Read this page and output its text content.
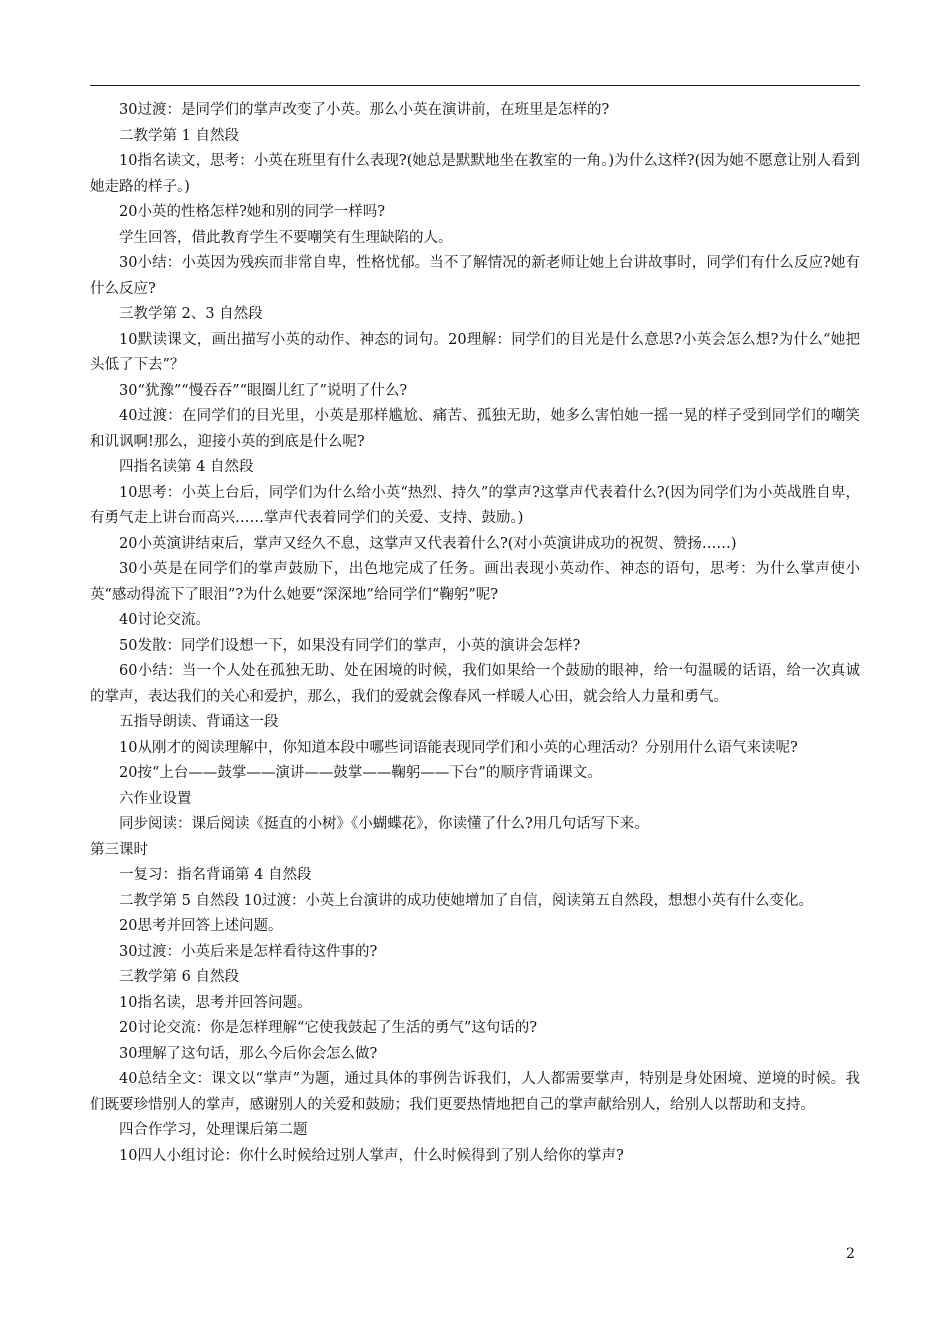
30过渡：是同学们的掌声改变了小英。那么小英在演讲前，在班里是怎样的?

二教学第 1 自然段

10指名读文，思考：小英在班里有什么表现?(她总是默默地坐在教室的一角。)为什么这样?(因为她不愿意让别人看到她走路的样子。)

20小英的性格怎样?她和别的同学一样吗?

学生回答，借此教育学生不要嘲笑有生理缺陷的人。

30小结：小英因为残疾而非常自卑，性格忧郁。当不了解情况的新老师让她上台讲故事时，同学们有什么反应?她有什么反应?

三教学第 2、3 自然段

10默读课文，画出描写小英的动作、神态的词句。20理解：同学们的目光是什么意思?小英会怎么想?为什么“她把头低了下去”？

30“犹豫”“慢吞吞”“眼圈儿红了”说明了什么?

40过渡：在同学们的目光里，小英是那样尴尬、痛苦、孤独无助，她多么害怕她一摇一晃的样子受到同学们的嘲笑和讥讽啊!那么，迎接小英的到底是什么呢?

四指名读第 4 自然段

10思考：小英上台后，同学们为什么给小英“热烈、持久”的掌声?这掌声代表着什么?(因为同学们为小英战胜自卑，有勇气走上讲台而高兴……掌声代表着同学们的关爱、支持、鼓励。)

20小英演讲结束后，掌声又经久不息，这掌声又代表着什么?(对小英演讲成功的祝贺、赞扬……)

30小英是在同学们的掌声鼓励下，出色地完成了任务。画出表现小英动作、神态的语句，思考：为什么掌声使小英“感动得流下了眼泪”?为什么她要“深深地”给同学们“鞠躬”呢?

40讨论交流。

50发散：同学们设想一下，如果没有同学们的掌声，小英的演讲会怎样?

60小结：当一个人处在孤独无助、处在困境的时候，我们如果给一个鼓励的眼神，给一句温暖的话语，给一次真诚的掌声，表达我们的关心和爱护，那么，我们的爱就会像春风一样暖人心田，就会给人力量和勇气。

五指导朗读、背诵这一段

10从刚才的阅读理解中，你知道本段中哪些词语能表现同学们和小英的心理活动？分别用什么语气来读呢?

20按“上台——鼓掌——演讲——鼓掌——鞠躬——下台”的顺序背诵课文。

六作业设置

同步阅读：课后阅读《挺直的小树》《小蝴蝶花》，你读懂了什么?用几句话写下来。

第三课时

一复习：指名背诵第 4 自然段

二教学第 5 自然段 10过渡：小英上台演讲的成功使她增加了自信，阅读第五自然段，想想小英有什么变化。

20思考并回答上述问题。

30过渡：小英后来是怎样看待这件事的?

三教学第 6 自然段

10指名读，思考并回答问题。

20讨论交流：你是怎样理解“它使我鼓起了生活的勇气”这句话的?

30理解了这句话，那么今后你会怎么做?

40总结全文：课文以“掌声”为题，通过具体的事例告诉我们，人人都需要掌声，特别是身处困境、逆境的时候。我们既要珍惜别人的掌声，感谢别人的关爱和鼓励；我们更要热情地把自己的掌声献给别人，给别人以帮助和支持。

四合作学习，处理课后第二题

10四人小组讨论：你什么时候给过别人掌声，什么时候得到了别人给你的掌声?

2
